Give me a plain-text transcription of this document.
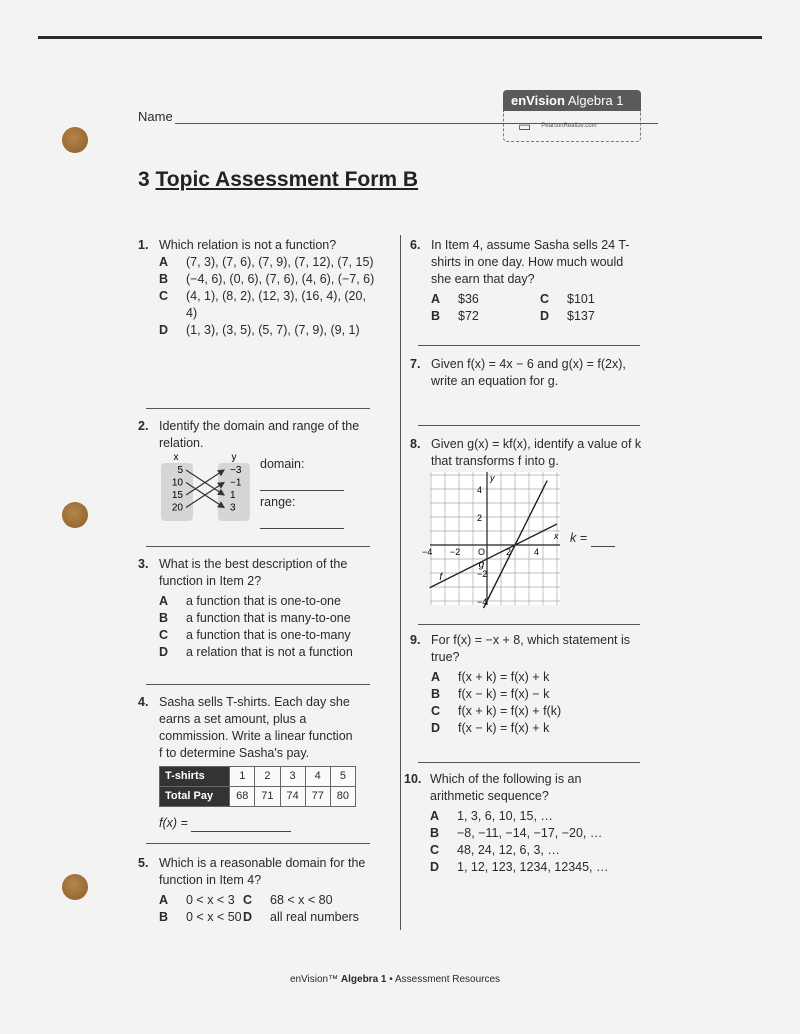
Name
enVision Algebra 1
▭ PearsonRealize.com
3 Topic Assessment Form B
1. Which relation is not a function?
A	(7, 3), (7, 6), (7, 9), (7, 12), (7, 15)
B	(−4, 6), (0, 6), (7, 6), (4, 6), (−7, 6)
C	(4, 1), (8, 2), (12, 3), (16, 4), (20, 4)
D	(1, 3), (3, 5), (5, 7), (7, 9), (9, 1)
2. Identify the domain and range of the relation.
x	y
5
10
15
20
−3
−1
1
3
domain:
range:
3. What is the best description of the function in Item 2?
A	a function that is one-to-one
B	a function that is many-to-one
C	a function that is one-to-many
D	a relation that is not a function
4. Sasha sells T-shirts. Each day she earns a set amount, plus a commission. Write a linear function f to determine Sasha's pay.
T-shirts	1	2	3	4	5
Total Pay	68	71	74	77	80
f(x) =
5. Which is a reasonable domain for the function in Item 4?
A	0 < x < 3 C	68 < x < 80
B	0 < x < 50 D	all real numbers
6. In Item 4, assume Sasha sells 24 T-shirts in one day. How much would she earn that day?
A	$36	C	$101
B	$72	D	$137
7. Given f(x) = 4x − 6 and g(x) = f(2x), write an equation for g.
8. Given g(x) = kf(x), identify a value of k that transforms f into g.
f
g
−4 −2 O 2	4
4
2
−2
−4
x
y
k =
9. For f(x) = −x + 8, which statement is true?
A	f(x + k) = f(x) + k
B	f(x − k) = f(x) − k
C	f(x + k) = f(x) + f(k)
D	f(x − k) = f(x) + k
10. Which of the following is an arithmetic sequence?
A	1, 3, 6, 10, 15, …
B	−8, −11, −14, −17, −20, …
C	48, 24, 12, 6, 3, …
D	1, 12, 123, 1234, 12345, …
enVision™ Algebra 1 • Assessment Resources
